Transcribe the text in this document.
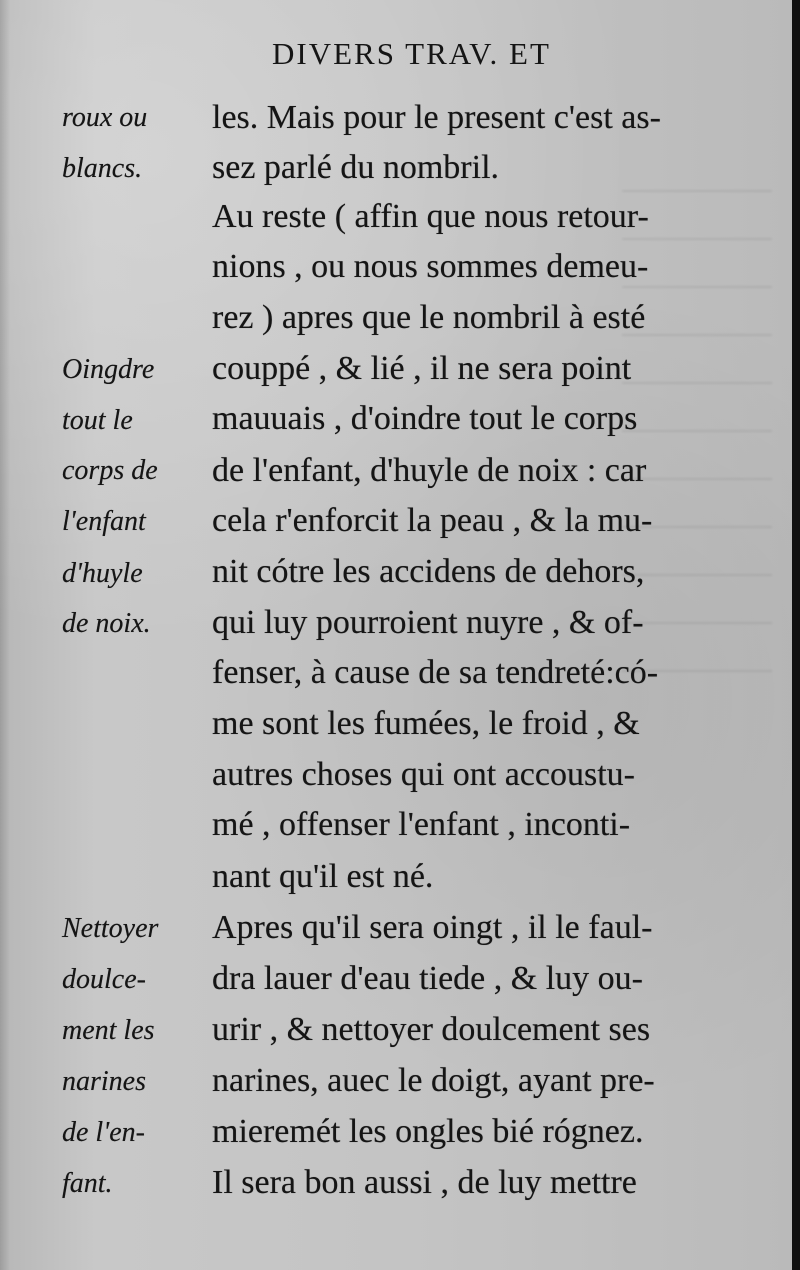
DIVERS TRAV. ET
les. Mais pour le present c'est as-
sez parlé du nombril.
Au reste ( affin que nous retour-
nions , ou nous sommes demeu-
rez ) apres que le nombril à esté
couppé , & lié , il ne sera point
mauuais , d'oindre tout le corps
de l'enfant, d'huyle de noix : car
cela r'enforcit la peau , & la mu-
nit cótre les accidens de dehors,
qui luy pourroient nuyre , & of-
fenser, à cause de sa tendreté:có-
me sont les fumées, le froid , &
autres choses qui ont accoustu-
mé , offenser l'enfant , inconti-
nant qu'il est né.
Apres qu'il sera oingt , il le faul-
dra lauer d'eau tiede , & luy ou-
urir , & nettoyer doulcement ses
narines, auec le doigt, ayant pre-
mieremét les ongles bié rógnez.
Il sera bon aussi , de luy mettre
roux ou
blancs.
Oingdre
tout le
corps de
l'enfant
d'huyle
de noix.
Nettoyer
doulce-
ment les
narines
de l'en-
fant.
